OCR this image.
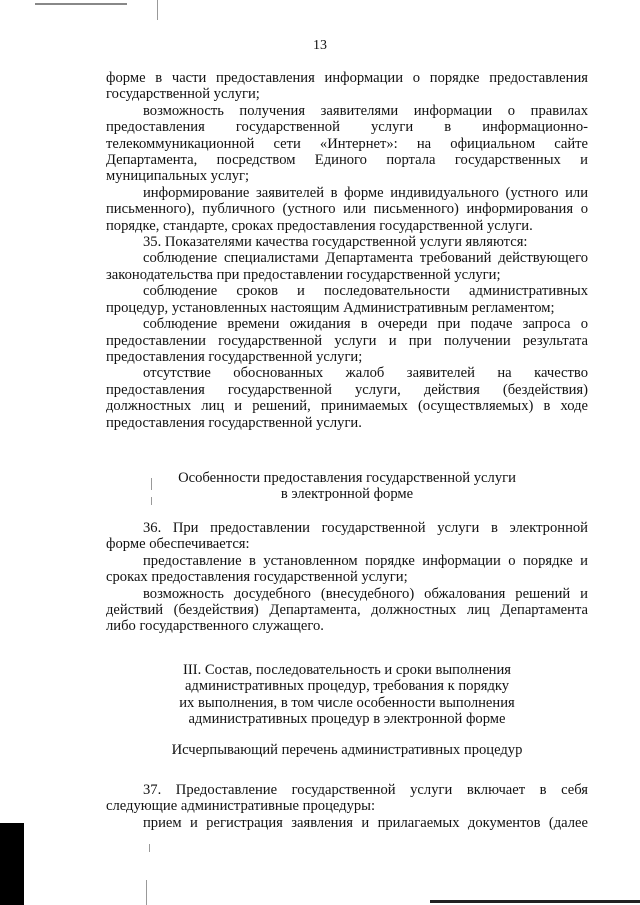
13

форме в части предоставления информации о порядке предоставления
государственной услуги;

возможность получения заявителями информации о правилах
предоставления государственной услуги в информационно-
телекоммуникационной сети «Интернет»: на официальном сайте
Департамента, посредством Единого портала государственных и
муниципальных услуг;

информирование заявителей в форме индивидуального (устного или
письменного), публичного (устного или письменного) информирования о
порядке, стандарте, сроках предоставления государственной услуги.

35. Показателями качества государственной услуги являются:

соблюдение специалистами Департамента требований действующего
законодательства при предоставлении государственной услуги;

соблюдение сроков и последовательности административных
процедур, установленных настоящим Административным регламентом;

соблюдение времени ожидания в очереди при подаче запроса о
предоставлении государственной услуги и при получении результата
предоставления государственной услуги;

отсутствие обоснованных жалоб заявителей на качество
предоставления государственной услуги, действия (бездействия)
должностных лиц и решений, принимаемых (осуществляемых) в ходе
предоставления государственной услуги.

Особенности предоставления государственной услуги
в электронной форме

36. При предоставлении государственной услуги в электронной
форме обеспечивается:

предоставление в установленном порядке информации о порядке и
сроках предоставления государственной услуги;

возможность досудебного (внесудебного) обжалования решений и
действий (бездействия) Департамента, должностных лиц Департамента
либо государственного служащего.

III. Состав, последовательность и сроки выполнения
административных процедур, требования к порядку
их выполнения, в том числе особенности выполнения
административных процедур в электронной форме
Исчерпывающий перечень административных процедур

37. Предоставление государственной услуги включает в себя
следующие административные процедуры:

прием и регистрация заявления и прилагаемых документов (далее
